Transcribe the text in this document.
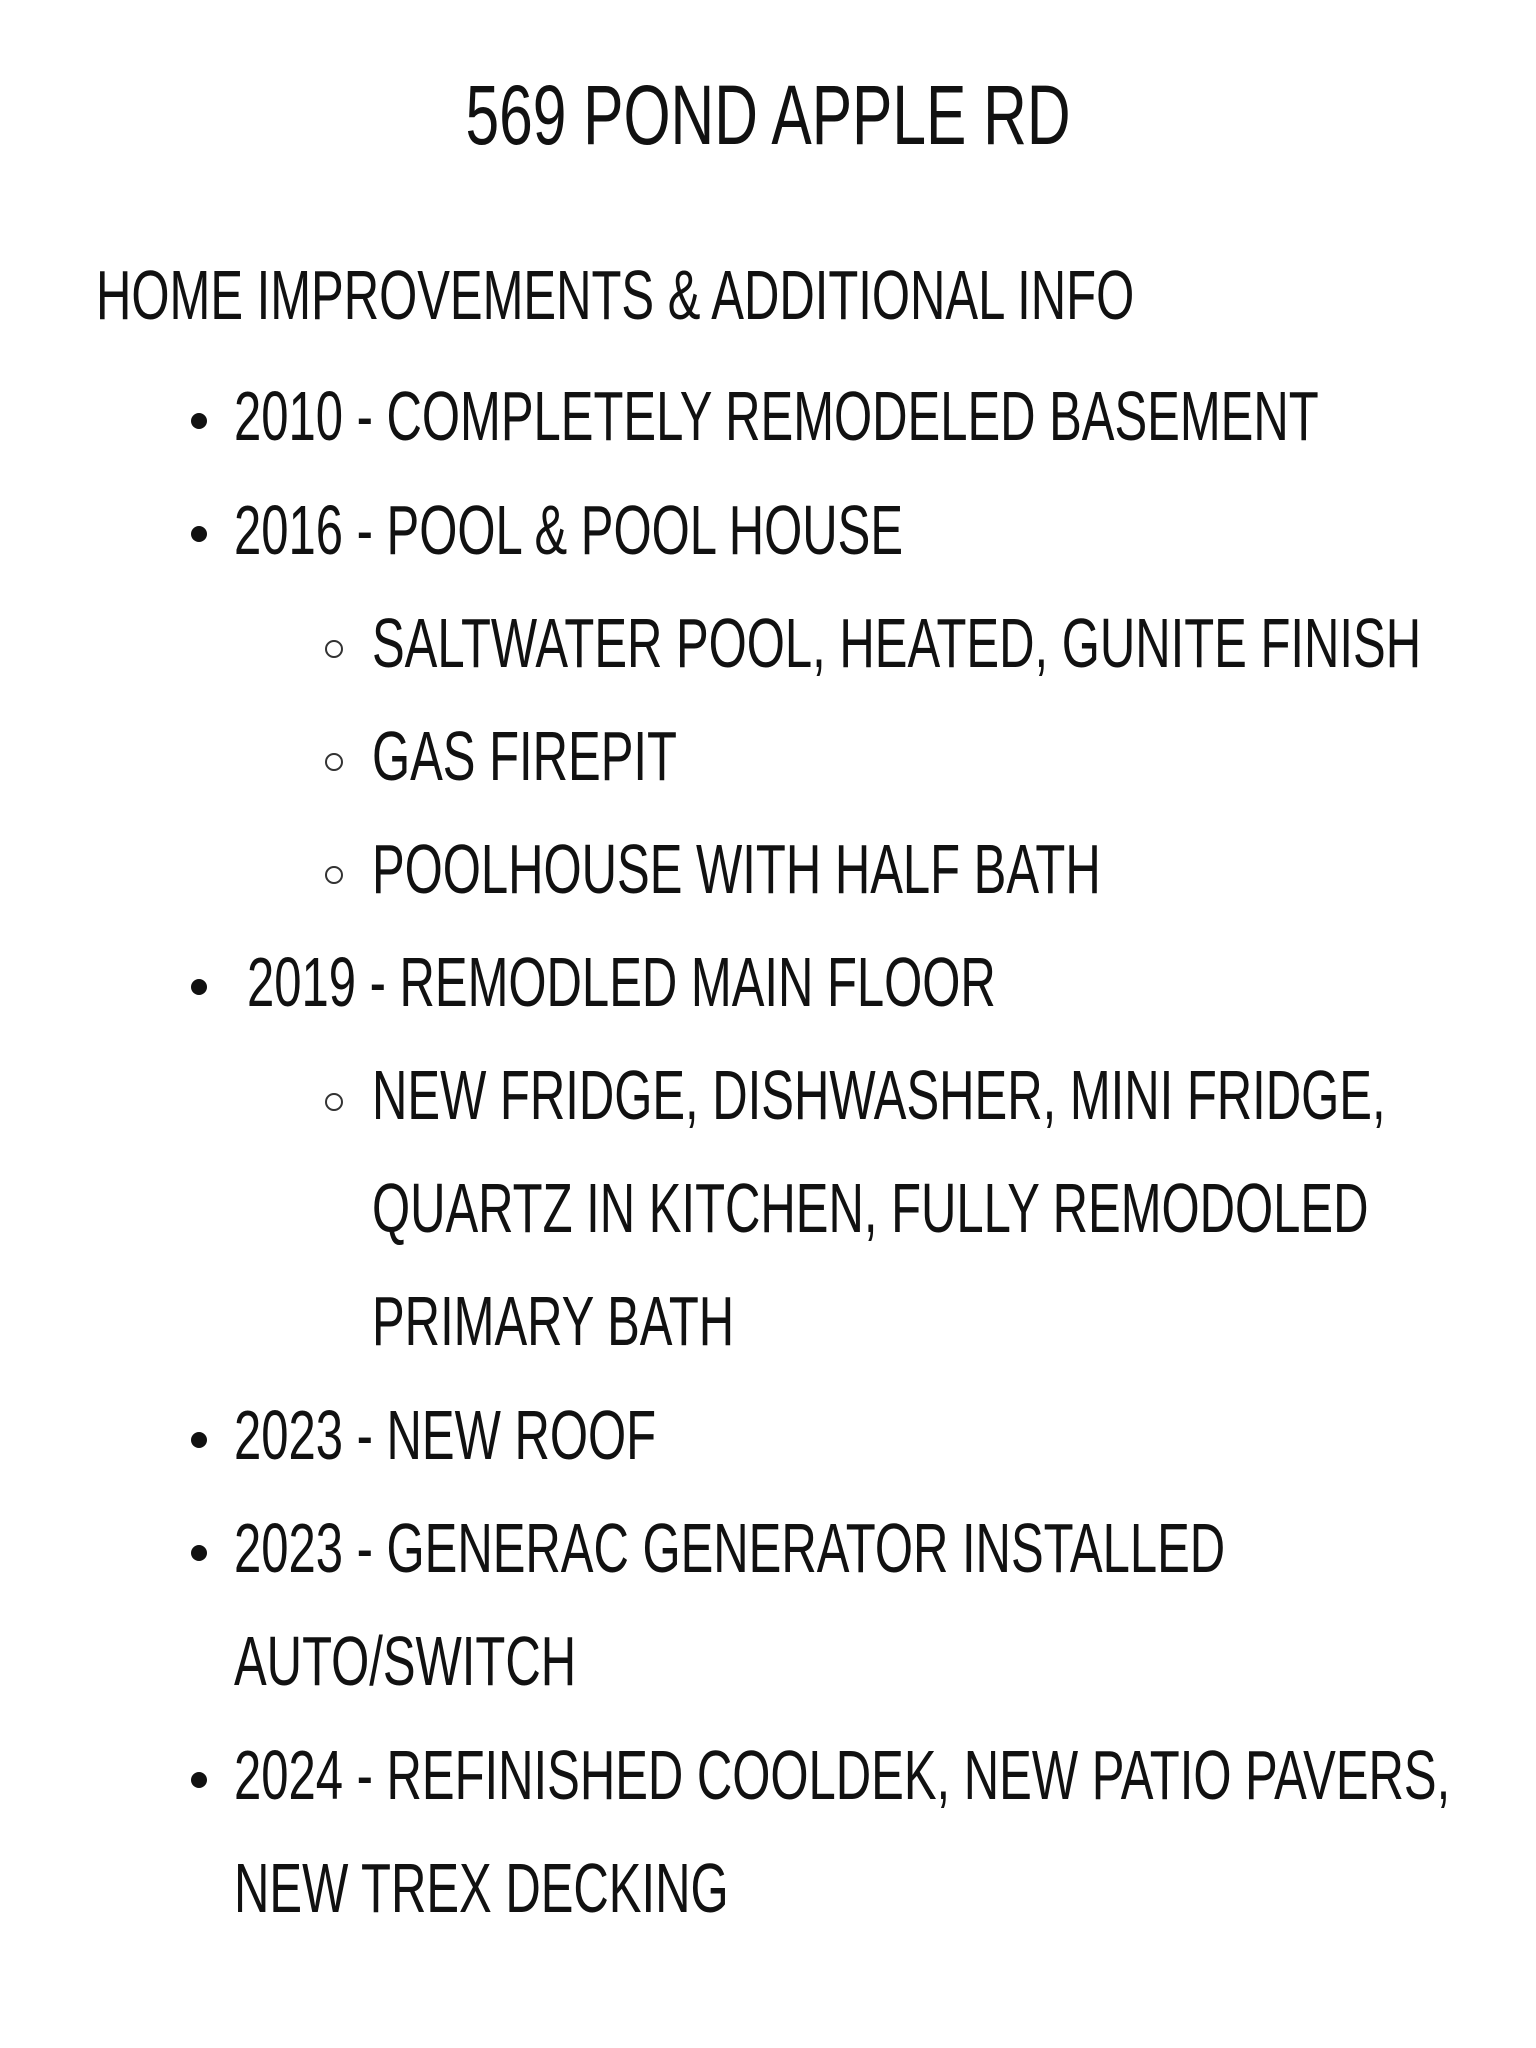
569 POND APPLE RD
HOME IMPROVEMENTS & ADDITIONAL INFO
2010 - COMPLETELY REMODELED BASEMENT
2016 - POOL & POOL HOUSE
SALTWATER POOL, HEATED, GUNITE FINISH
GAS FIREPIT
POOLHOUSE WITH HALF BATH
2019 - REMODLED MAIN FLOOR
NEW FRIDGE, DISHWASHER, MINI FRIDGE,
QUARTZ IN KITCHEN, FULLY REMODOLED
PRIMARY BATH
2023 - NEW ROOF
2023 - GENERAC GENERATOR INSTALLED
AUTO/SWITCH
2024 - REFINISHED COOLDEK, NEW PATIO PAVERS,
NEW TREX DECKING
